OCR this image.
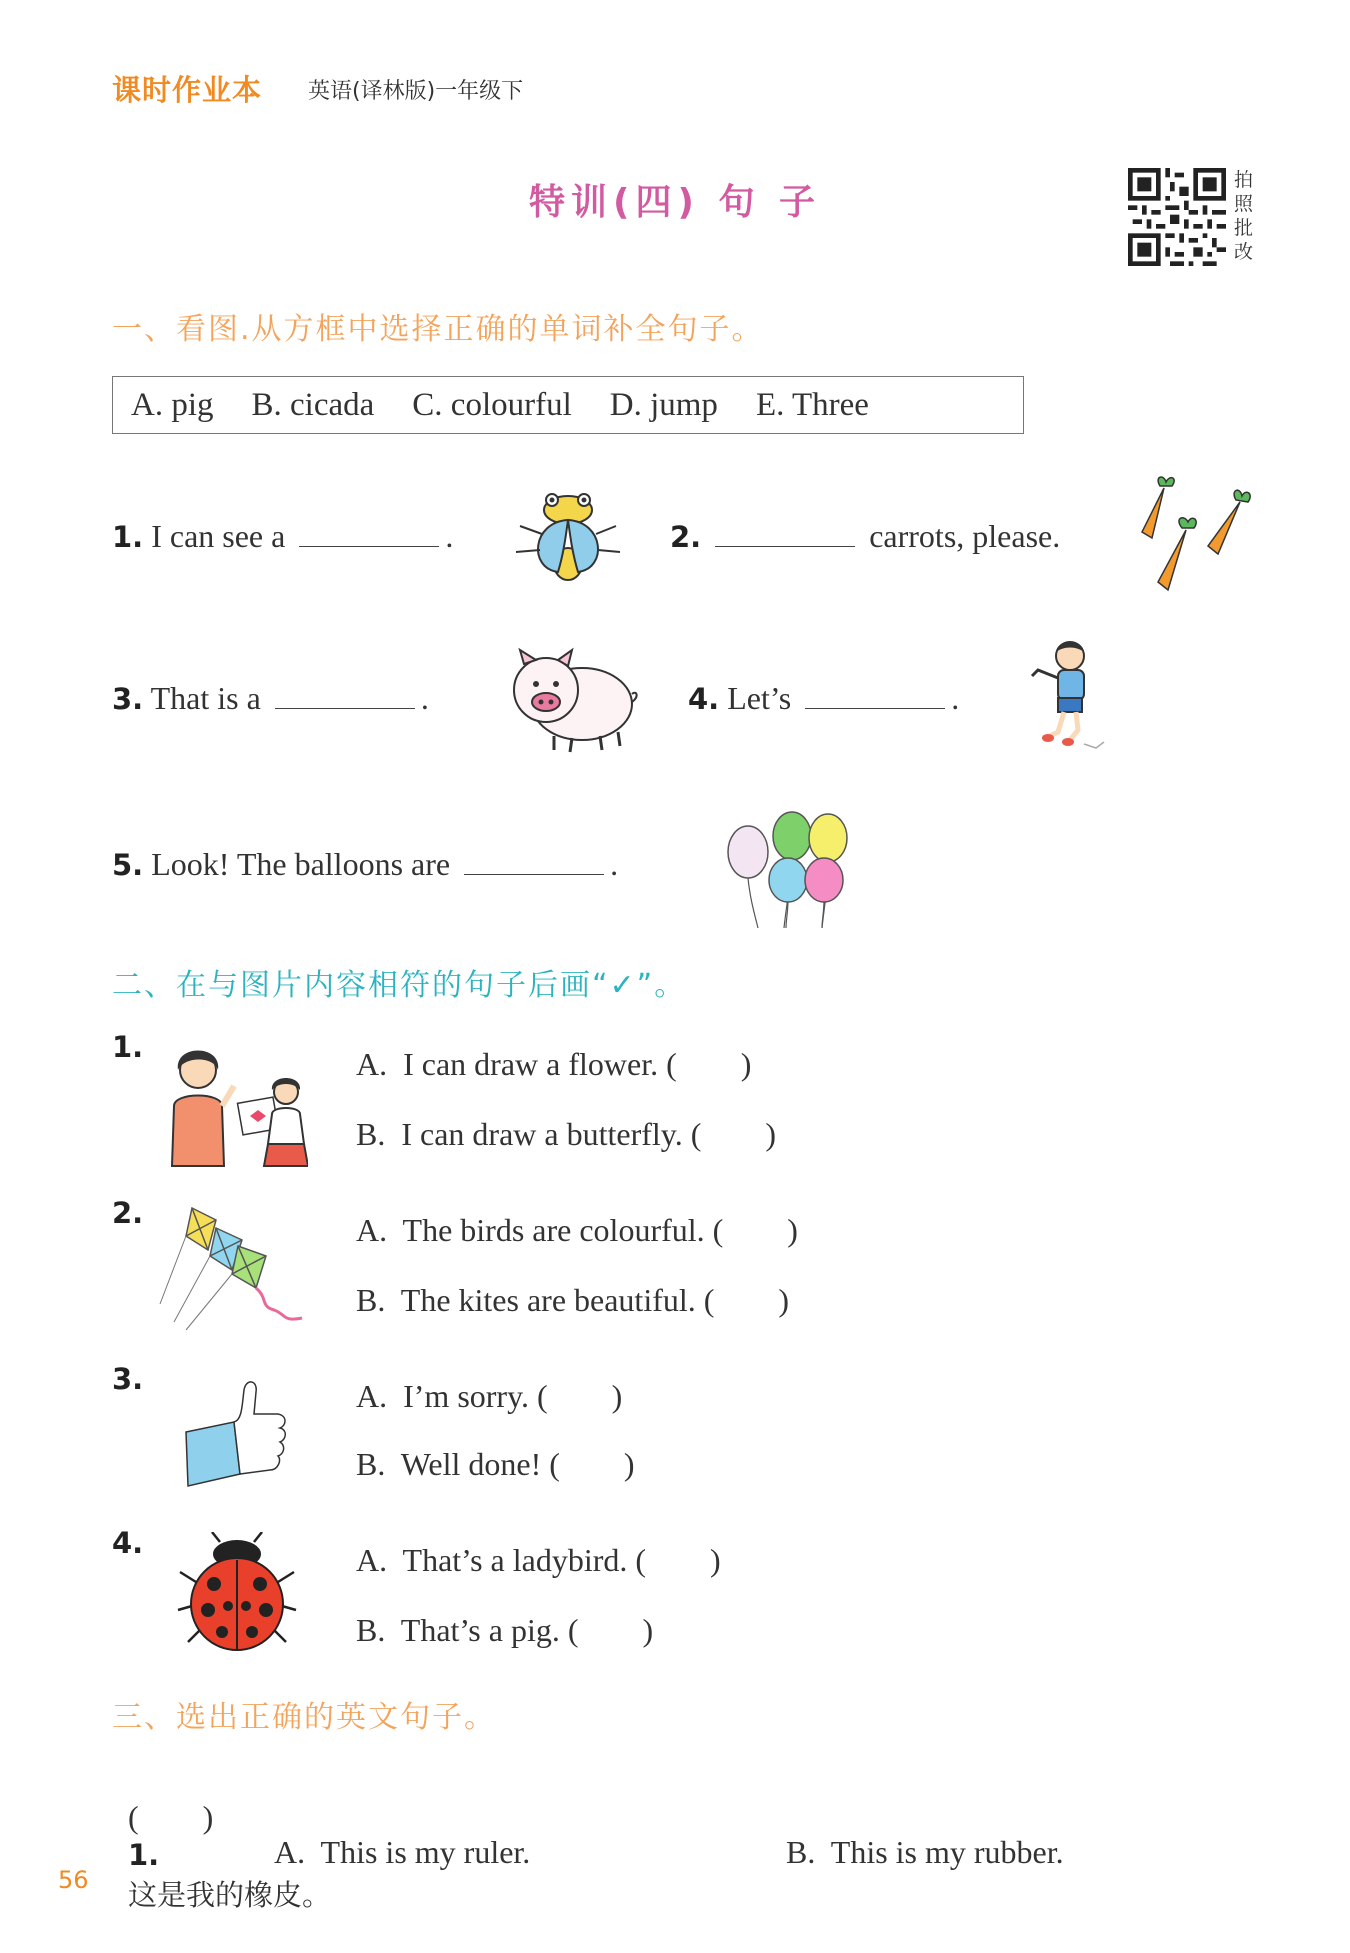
课时作业本 英语(译林版)一年级下
特训(四) 句 子
拍
照
批
改
一、看图.从方框中选择正确的单词补全句子。
A. pig B. cicada C. colourful D. jump E. Three
1. I can see a	.	2.	carrots, please.
3. That is a	.	4. Let’s	.
5. Look! The balloons are	.
二、在与图片内容相符的句子后画“✓”。
1.	A.  I can draw a flower. (        )
B.  I can draw a butterfly. (        )
2.	A.  The birds are colourful. (        )
B.  The kites are beautiful. (        )
3.	A.  I’m sorry. (        )
B.  Well done! (        )
4.	A.  That’s a ladybird. (        )
B.  That’s a pig. (        )
三、选出正确的英文句子。

(        )
1.
这是我的橡皮。

A.  This is my ruler.	B.  This is my rubber.
56
